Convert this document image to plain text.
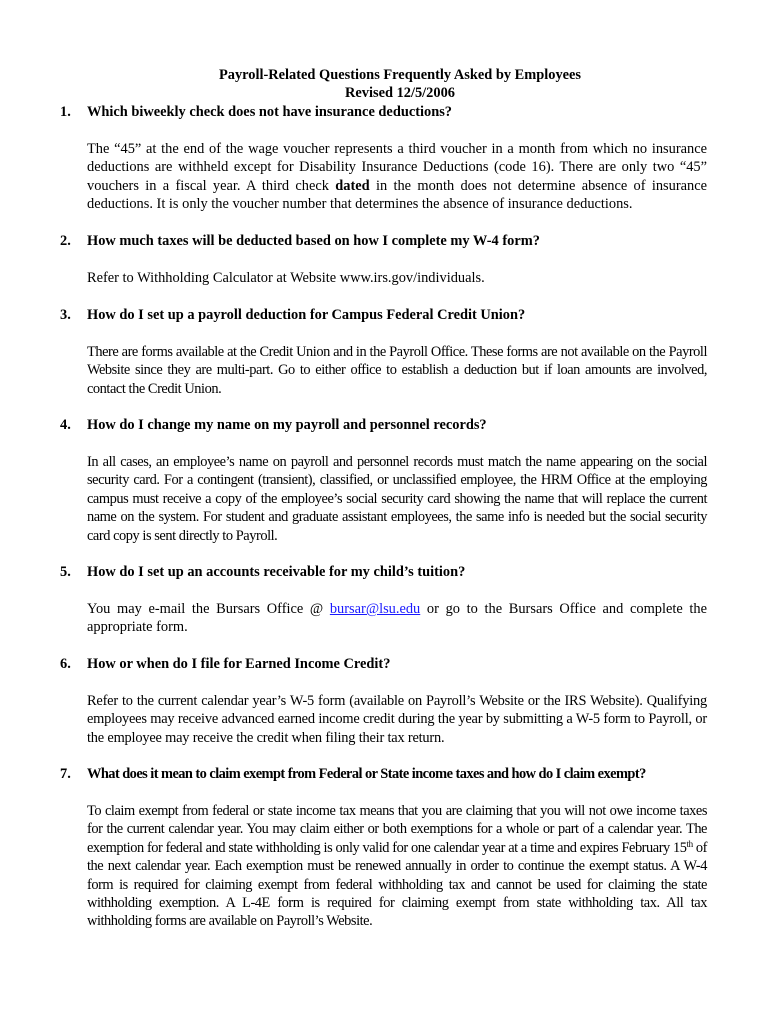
Payroll-Related Questions Frequently Asked by Employees
Revised 12/5/2006
1. Which biweekly check does not have insurance deductions?

The “45” at the end of the wage voucher represents a third voucher in a month from which no insurance deductions are withheld except for Disability Insurance Deductions (code 16). There are only two “45” vouchers in a fiscal year. A third check dated in the month does not determine absence of insurance deductions. It is only the voucher number that determines the absence of insurance deductions.

2. How much taxes will be deducted based on how I complete my W-4 form?

Refer to Withholding Calculator at Website www.irs.gov/individuals.

3. How do I set up a payroll deduction for Campus Federal Credit Union?

There are forms available at the Credit Union and in the Payroll Office. These forms are not available on the Payroll Website since they are multi-part. Go to either office to establish a deduction but if loan amounts are involved, contact the Credit Union.

4. How do I change my name on my payroll and personnel records?

In all cases, an employee’s name on payroll and personnel records must match the name appearing on the social security card. For a contingent (transient), classified, or unclassified employee, the HRM Office at the employing campus must receive a copy of the employee’s social security card showing the name that will replace the current name on the system. For student and graduate assistant employees, the same info is needed but the social security card copy is sent directly to Payroll.

5. How do I set up an accounts receivable for my child’s tuition?

You may e-mail the Bursars Office @ bursar@lsu.edu or go to the Bursars Office and complete the appropriate form.

6. How or when do I file for Earned Income Credit?

Refer to the current calendar year’s W-5 form (available on Payroll’s Website or the IRS Website). Qualifying employees may receive advanced earned income credit during the year by submitting a W-5 form to Payroll, or the employee may receive the credit when filing their tax return.

7. What does it mean to claim exempt from Federal or State income taxes and how do I claim exempt?

To claim exempt from federal or state income tax means that you are claiming that you will not owe income taxes for the current calendar year. You may claim either or both exemptions for a whole or part of a calendar year. The exemption for federal and state withholding is only valid for one calendar year at a time and expires February 15th of the next calendar year. Each exemption must be renewed annually in order to continue the exempt status. A W-4 form is required for claiming exempt from federal withholding tax and cannot be used for claiming the state withholding exemption. A L-4E form is required for claiming exempt from state withholding tax. All tax withholding forms are available on Payroll’s Website.
